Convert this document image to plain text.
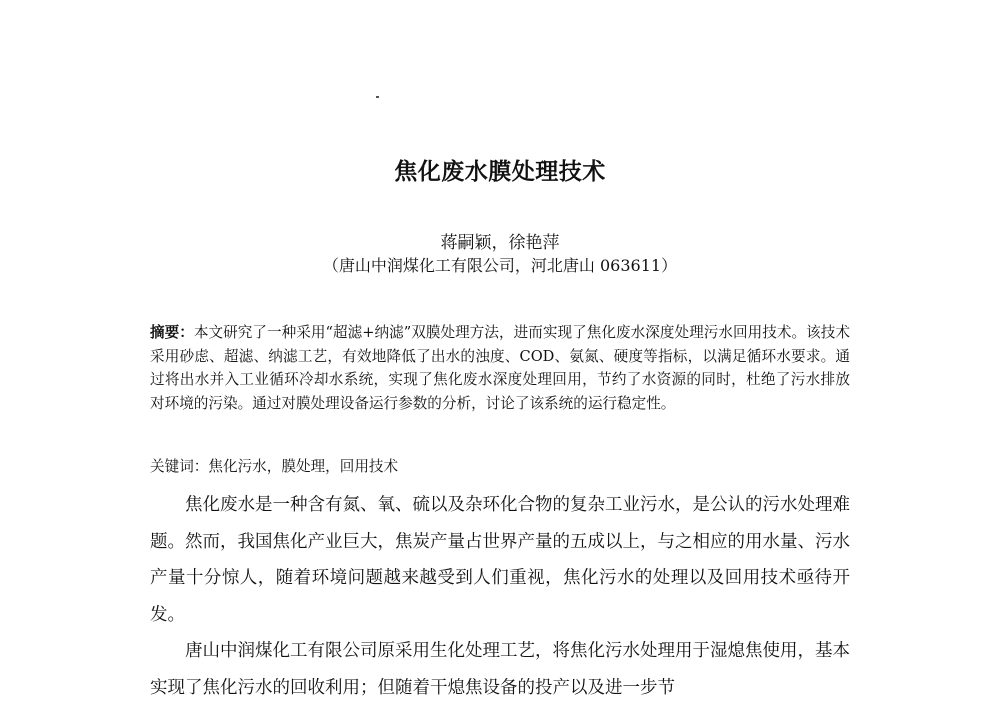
焦化废水膜处理技术
蒋嗣颖，徐艳萍
（唐山中润煤化工有限公司，河北唐山 063611）
摘要：本文研究了一种采用“超滤+纳滤”双膜处理方法，进而实现了焦化废水深度处理污水回用技术。该技术采用砂虑、超滤、纳滤工艺，有效地降低了出水的浊度、COD、氨氮、硬度等指标，以满足循环水要求。通过将出水并入工业循环冷却水系统，实现了焦化废水深度处理回用，节约了水资源的同时，杜绝了污水排放对环境的污染。通过对膜处理设备运行参数的分析，讨论了该系统的运行稳定性。
关键词：焦化污水，膜处理，回用技术

焦化废水是一种含有氮、氧、硫以及杂环化合物的复杂工业污水，是公认的污水处理难题。然而，我国焦化产业巨大，焦炭产量占世界产量的五成以上，与之相应的用水量、污水产量十分惊人，随着环境问题越来越受到人们重视，焦化污水的处理以及回用技术亟待开发。

唐山中润煤化工有限公司原采用生化处理工艺，将焦化污水处理用于湿熄焦使用，基本实现了焦化污水的回收利用；但随着干熄焦设备的投产以及进一步节
